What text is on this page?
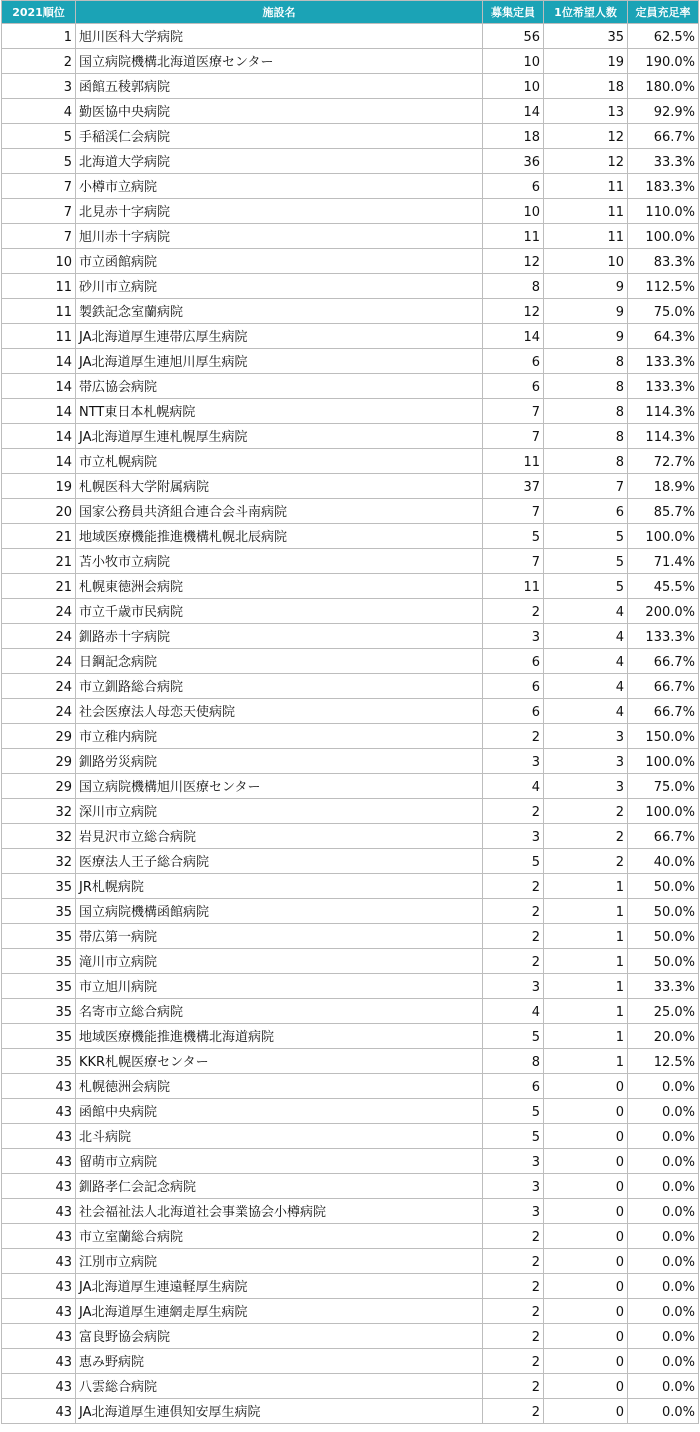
2021順位	施設名	募集定員	1位希望人数	定員充足率
1	旭川医科大学病院	56	35	62.5%
2	国立病院機構北海道医療センター	10	19	190.0%
3	函館五稜郭病院	10	18	180.0%
4	勤医協中央病院	14	13	92.9%
5	手稲渓仁会病院	18	12	66.7%
5	北海道大学病院	36	12	33.3%
7	小樽市立病院	6	11	183.3%
7	北見赤十字病院	10	11	110.0%
7	旭川赤十字病院	11	11	100.0%
10	市立函館病院	12	10	83.3%
11	砂川市立病院	8	9	112.5%
11	製鉄記念室蘭病院	12	9	75.0%
11	JA北海道厚生連帯広厚生病院	14	9	64.3%
14	JA北海道厚生連旭川厚生病院	6	8	133.3%
14	帯広協会病院	6	8	133.3%
14	NTT東日本札幌病院	7	8	114.3%
14	JA北海道厚生連札幌厚生病院	7	8	114.3%
14	市立札幌病院	11	8	72.7%
19	札幌医科大学附属病院	37	7	18.9%
20	国家公務員共済組合連合会斗南病院	7	6	85.7%
21	地域医療機能推進機構札幌北辰病院	5	5	100.0%
21	苫小牧市立病院	7	5	71.4%
21	札幌東徳洲会病院	11	5	45.5%
24	市立千歳市民病院	2	4	200.0%
24	釧路赤十字病院	3	4	133.3%
24	日鋼記念病院	6	4	66.7%
24	市立釧路総合病院	6	4	66.7%
24	社会医療法人母恋天使病院	6	4	66.7%
29	市立稚内病院	2	3	150.0%
29	釧路労災病院	3	3	100.0%
29	国立病院機構旭川医療センター	4	3	75.0%
32	深川市立病院	2	2	100.0%
32	岩見沢市立総合病院	3	2	66.7%
32	医療法人王子総合病院	5	2	40.0%
35	JR札幌病院	2	1	50.0%
35	国立病院機構函館病院	2	1	50.0%
35	帯広第一病院	2	1	50.0%
35	滝川市立病院	2	1	50.0%
35	市立旭川病院	3	1	33.3%
35	名寄市立総合病院	4	1	25.0%
35	地域医療機能推進機構北海道病院	5	1	20.0%
35	KKR札幌医療センター	8	1	12.5%
43	札幌徳洲会病院	6	0	0.0%
43	函館中央病院	5	0	0.0%
43	北斗病院	5	0	0.0%
43	留萌市立病院	3	0	0.0%
43	釧路孝仁会記念病院	3	0	0.0%
43	社会福祉法人北海道社会事業協会小樽病院	3	0	0.0%
43	市立室蘭総合病院	2	0	0.0%
43	江別市立病院	2	0	0.0%
43	JA北海道厚生連遠軽厚生病院	2	0	0.0%
43	JA北海道厚生連網走厚生病院	2	0	0.0%
43	富良野協会病院	2	0	0.0%
43	恵み野病院	2	0	0.0%
43	八雲総合病院	2	0	0.0%
43	JA北海道厚生連倶知安厚生病院	2	0	0.0%
